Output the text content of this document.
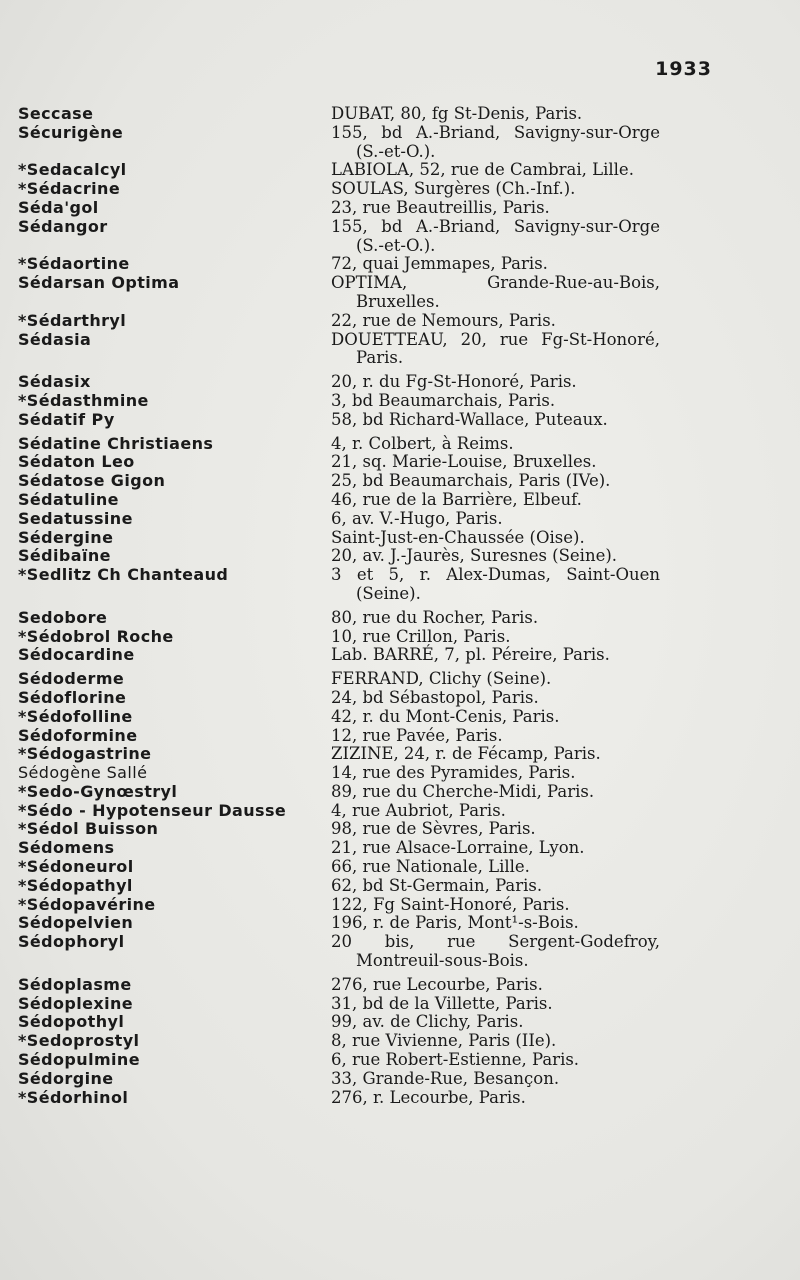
1933
Seccase	DUBAT, 80, fg St-Denis, Paris.
Sécurigène	155, bd A.-Briand, Savigny-sur-Orge (S.-et-O.).
*Sedacalcyl	LABIOLA, 52, rue de Cambrai, Lille.
*Sédacrine	SOULAS, Surgères (Ch.-Inf.).
Séda'gol	23, rue Beautreillis, Paris.
Sédangor	155, bd A.-Briand, Savigny-sur-Orge (S.-et-O.).
*Sédaortine	72, quai Jemmapes, Paris.
Sédarsan Optima	OPTIMA, Grande-Rue-au-Bois, Bruxelles.
*Sédarthryl	22, rue de Nemours, Paris.
Sédasia	DOUETTEAU, 20, rue Fg-St-Honoré, Paris.
Sédasix	20, r. du Fg-St-Honoré, Paris.
*Sédasthmine	3, bd Beaumarchais, Paris.
Sédatif Py	58, bd Richard-Wallace, Puteaux.
Sédatine Christiaens	4, r. Colbert, à Reims.
Sédaton Leo	21, sq. Marie-Louise, Bruxelles.
Sédatose Gigon	25, bd Beaumarchais, Paris (IVe).
Sédatuline	46, rue de la Barrière, Elbeuf.
Sedatussine	6, av. V.-Hugo, Paris.
Sédergine	Saint-Just-en-Chaussée (Oise).
Sédibaïne	20, av. J.-Jaurès, Suresnes (Seine).
*Sedlitz Ch Chanteaud	3 et 5, r. Alex-Dumas, Saint-Ouen (Seine).
Sedobore	80, rue du Rocher, Paris.
*Sédobrol Roche	10, rue Crillon, Paris.
Sédocardine	Lab. BARRÉ, 7, pl. Péreire, Paris.
Sédoderme	FERRAND, Clichy (Seine).
Sédoflorine	24, bd Sébastopol, Paris.
*Sédofolline	42, r. du Mont-Cenis, Paris.
Sédoformine	12, rue Pavée, Paris.
*Sédogastrine	ZIZINE, 24, r. de Fécamp, Paris.
Sédogène Sallé	14, rue des Pyramides, Paris.
*Sedo-Gynœstryl	89, rue du Cherche-Midi, Paris.
*Sédo - Hypotenseur Dausse	4, rue Aubriot, Paris.
*Sédol Buisson	98, rue de Sèvres, Paris.
Sédomens	21, rue Alsace-Lorraine, Lyon.
*Sédoneurol	66, rue Nationale, Lille.
*Sédopathyl	62, bd St-Germain, Paris.
*Sédopavérine	122, Fg Saint-Honoré, Paris.
Sédopelvien	196, r. de Paris, Mont¹-s-Bois.
Sédophoryl	20 bis, rue Sergent-Godefroy, Montreuil-sous-Bois.
Sédoplasme	276, rue Lecourbe, Paris.
Sédoplexine	31, bd de la Villette, Paris.
Sédopothyl	99, av. de Clichy, Paris.
*Sedoprostyl	8, rue Vivienne, Paris (IIe).
Sédopulmine	6, rue Robert-Estienne, Paris.
Sédorgine	33, Grande-Rue, Besançon.
*Sédorhinol	276, r. Lecourbe, Paris.
